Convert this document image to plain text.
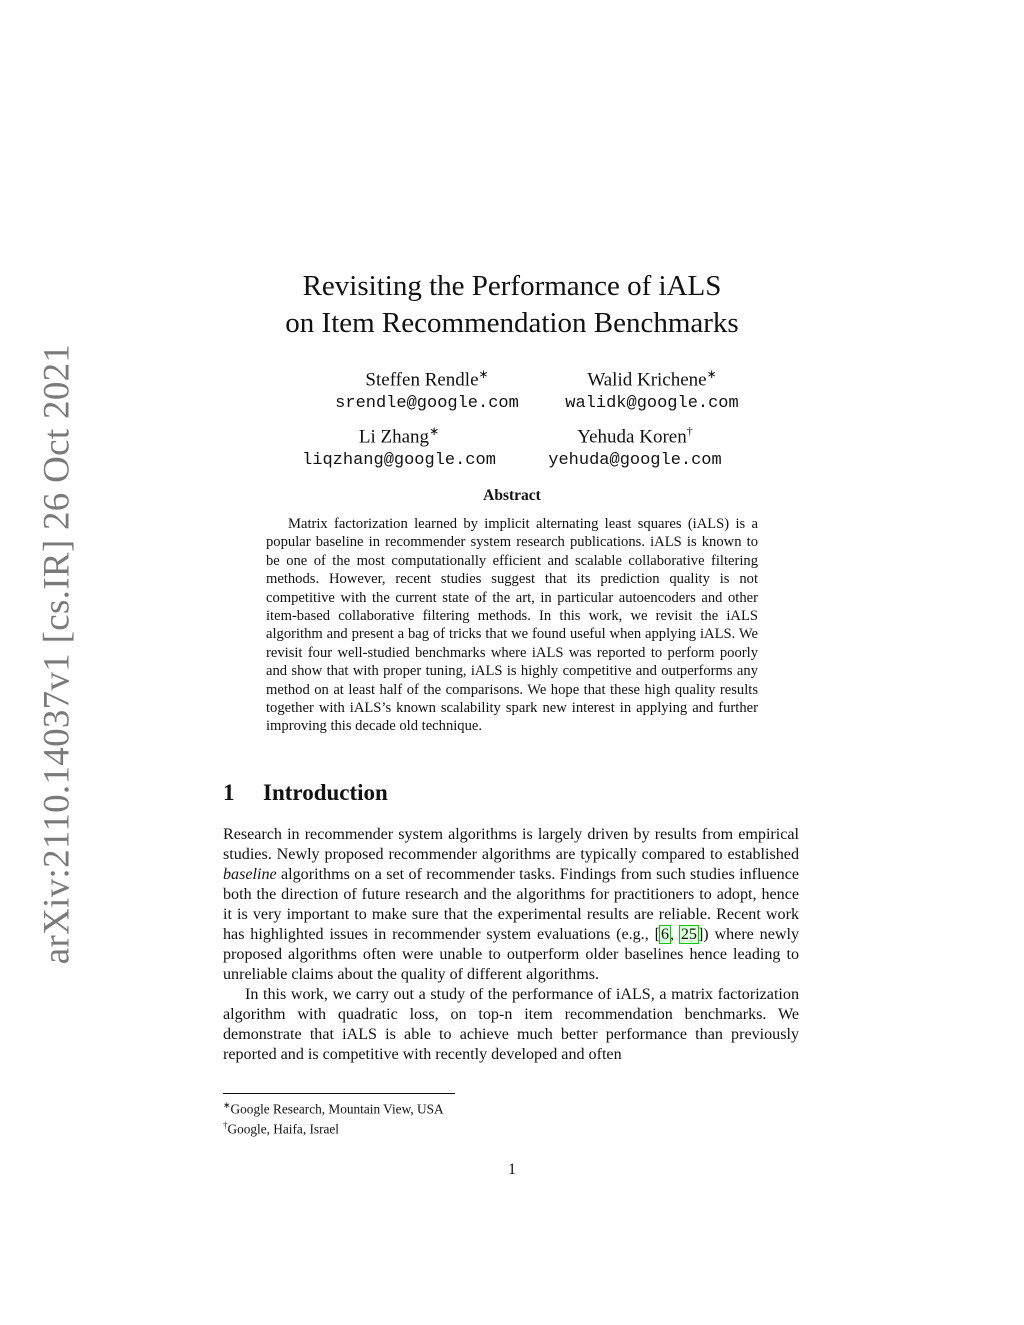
arXiv:2110.14037v1 [cs.IR] 26 Oct 2021
Revisiting the Performance of iALS
on Item Recommendation Benchmarks
Steffen Rendle∗
srendle@google.com
Walid Krichene∗
walidk@google.com
Li Zhang∗
liqzhang@google.com
Yehuda Koren†
yehuda@google.com
Abstract
Matrix factorization learned by implicit alternating least squares (iALS) is a popular baseline in recommender system research publications. iALS is known to be one of the most computationally efficient and scalable collaborative filtering methods. However, recent studies suggest that its prediction quality is not competitive with the current state of the art, in particular autoencoders and other item-based collaborative filtering methods. In this work, we revisit the iALS algorithm and present a bag of tricks that we found useful when applying iALS. We revisit four well-studied benchmarks where iALS was reported to perform poorly and show that with proper tuning, iALS is highly competitive and outperforms any method on at least half of the comparisons. We hope that these high quality results together with iALS’s known scalability spark new interest in applying and further improving this decade old technique.
1 Introduction

Research in recommender system algorithms is largely driven by results from empirical studies. Newly proposed recommender algorithms are typically compared to established baseline algorithms on a set of recommender tasks. Findings from such studies influence both the direction of future research and the algorithms for practitioners to adopt, hence it is very important to make sure that the experimental results are reliable. Recent work has highlighted issues in recommender system evaluations (e.g., [6, 25]) where newly proposed algorithms often were unable to outperform older baselines hence leading to unreliable claims about the quality of different algorithms.

In this work, we carry out a study of the performance of iALS, a matrix factorization algorithm with quadratic loss, on top-n item recommendation benchmarks. We demonstrate that iALS is able to achieve much better performance than previously reported and is competitive with recently developed and often

∗Google Research, Mountain View, USA
†Google, Haifa, Israel
1
